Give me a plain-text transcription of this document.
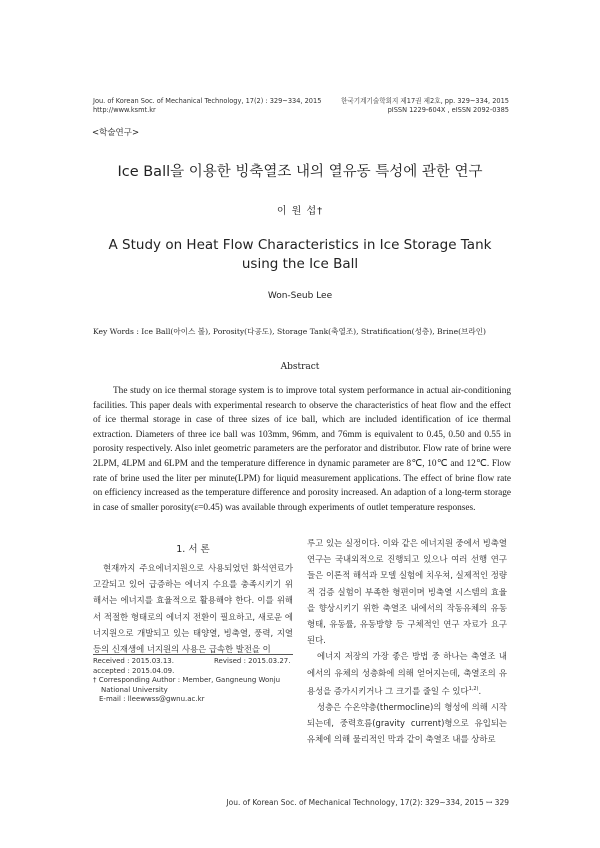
Jou. of Korean Soc. of Mechanical Technology, 17(2) : 329~334, 2015
http://www.ksmt.kr
한국기계기술학회지 제17권 제2호, pp. 329~334, 2015
pISSN 1229-604X , eISSN 2092-0385
<학술연구>
Ice Ball을 이용한 빙축열조 내의 열유동 특성에 관한 연구
이 원 섭†
A Study on Heat Flow Characteristics in Ice Storage Tank
using the Ice Ball
Won-Seub Lee
Key Words : Ice Ball(아이스 볼), Porosity(다공도), Storage Tank(축열조), Stratification(성층), Brine(브라인)
Abstract

The study on ice thermal storage system is to improve total system performance in actual air-conditioning facilities. This paper deals with experimental research to observe the characteristics of heat flow and the effect of ice thermal storage in case of three sizes of ice ball, which are included identification of ice thermal extraction. Diameters of three ice ball was 103mm, 96mm, and 76mm is equivalent to 0.45, 0.50 and 0.55 in porosity respectively. Also inlet geometric parameters are the perforator and distributor. Flow rate of brine were 2LPM, 4LPM and 6LPM and the temperature difference in dynamic parameter are 8℃, 10℃ and 12℃. Flow rate of brine used the liter per minute(LPM) for liquid measurement applications. The effect of brine flow rate on efficiency increased as the temperature difference and porosity increased. An adaption of a long-term storage in case of smaller porosity(ε=0.45) was available through experiments of outlet temperature responses.

1. 서 론

현재까지 주요에너지원으로 사용되었던 화석연료가 고갈되고 있어 급증하는 에너지 수요를 충족시키기 위해서는 에너지를 효율적으로 활용해야 한다. 이를 위해서 적절한 형태로의 에너지 전환이 필요하고, 새로운 에너지원으로 개발되고 있는 태양열, 빙축열, 풍력, 지열 등의 신재생에 너지원의 사용은 급속한 발전을 이

루고 있는 실정이다. 이와 같은 에너지원 중에서 빙축열 연구는 국내외적으로 진행되고 있으나 여러 선행 연구들은 이론적 해석과 모델 실험에 치우쳐, 실제적인 정량적 검증 실험이 부족한 형편이며 빙축열 시스템의 효율을 향상시키기 위한 축열조 내에서의 작동유체의 유동형태, 유동률, 유동방향 등 구체적인 연구 자료가 요구된다.

에너지 저장의 가장 좋은 방법 중 하나는 축열조 내에서의 유체의 성층화에 의해 얻어지는데, 축열조의 유용성을 증가시키거나 그 크기를 줄일 수 있다$^{1,2)}$.

성층은 수온약층(thermocline)의 형성에 의해 시작되는데, 중력흐름(gravity current)형으로 유입되는 유체에 의해 물리적인 막과 같이 축열조 내를 상하로

Received : 2015.03.13.	Revised : 2015.03.27.
accepted : 2015.04.09.
† Corresponding Author : Member, Gangneung Wonju
National University
E-mail : lleewwss@gwnu.ac.kr
Jou. of Korean Soc. of Mechanical Technology, 17(2): 329~334, 2015 ꟷ 329
